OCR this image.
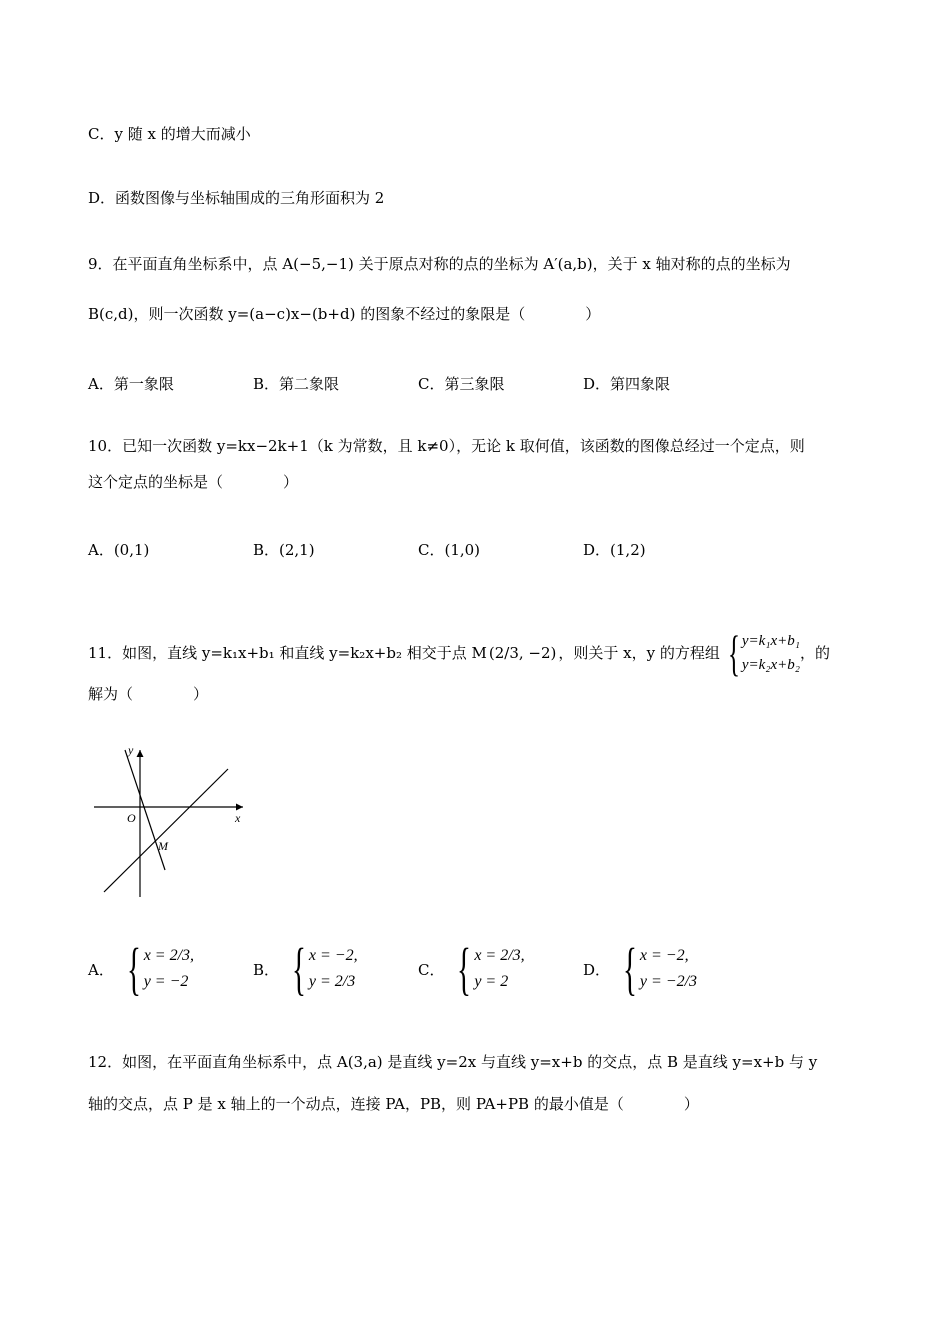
C．y 随 x 的增大而减小
D．函数图像与坐标轴围成的三角形面积为 2
9．在平面直角坐标系中，点 A(−5,−1) 关于原点对称的点的坐标为 A′(a,b)，关于 x 轴对称的点的坐标为
B(c,d)，则一次函数 y=(a−c)x−(b+d) 的图象不经过的象限是（　　　　）
A．第一象限	B．第二象限	C．第三象限	D．第四象限
10．已知一次函数 y=kx−2k+1（k 为常数，且 k≠0），无论 k 取何值，该函数的图像总经过一个定点，则
这个定点的坐标是（　　　　）
A．(0,1)	B．(2,1)	C．(1,0)	D．(1,2)
11．如图，直线 y=k₁x+b₁ 和直线 y=k₂x+b₂ 相交于点 M (2/3, −2) ，则关于 x，y 的方程组 { y=k₁x+b₁
y=k₂x+b₂
，的
解为（　　　　）
y
x
O
M
A． { x = 2/3,
y = −2
B． { x = −2,
y = 2/3
C． { x = 2/3,
y = 2
D． { x = −2,
y = −2/3
12．如图，在平面直角坐标系中，点 A(3,a) 是直线 y=2x 与直线 y=x+b 的交点，点 B 是直线 y=x+b 与 y
轴的交点，点 P 是 x 轴上的一个动点，连接 PA，PB，则 PA+PB 的最小值是（　　　　）
